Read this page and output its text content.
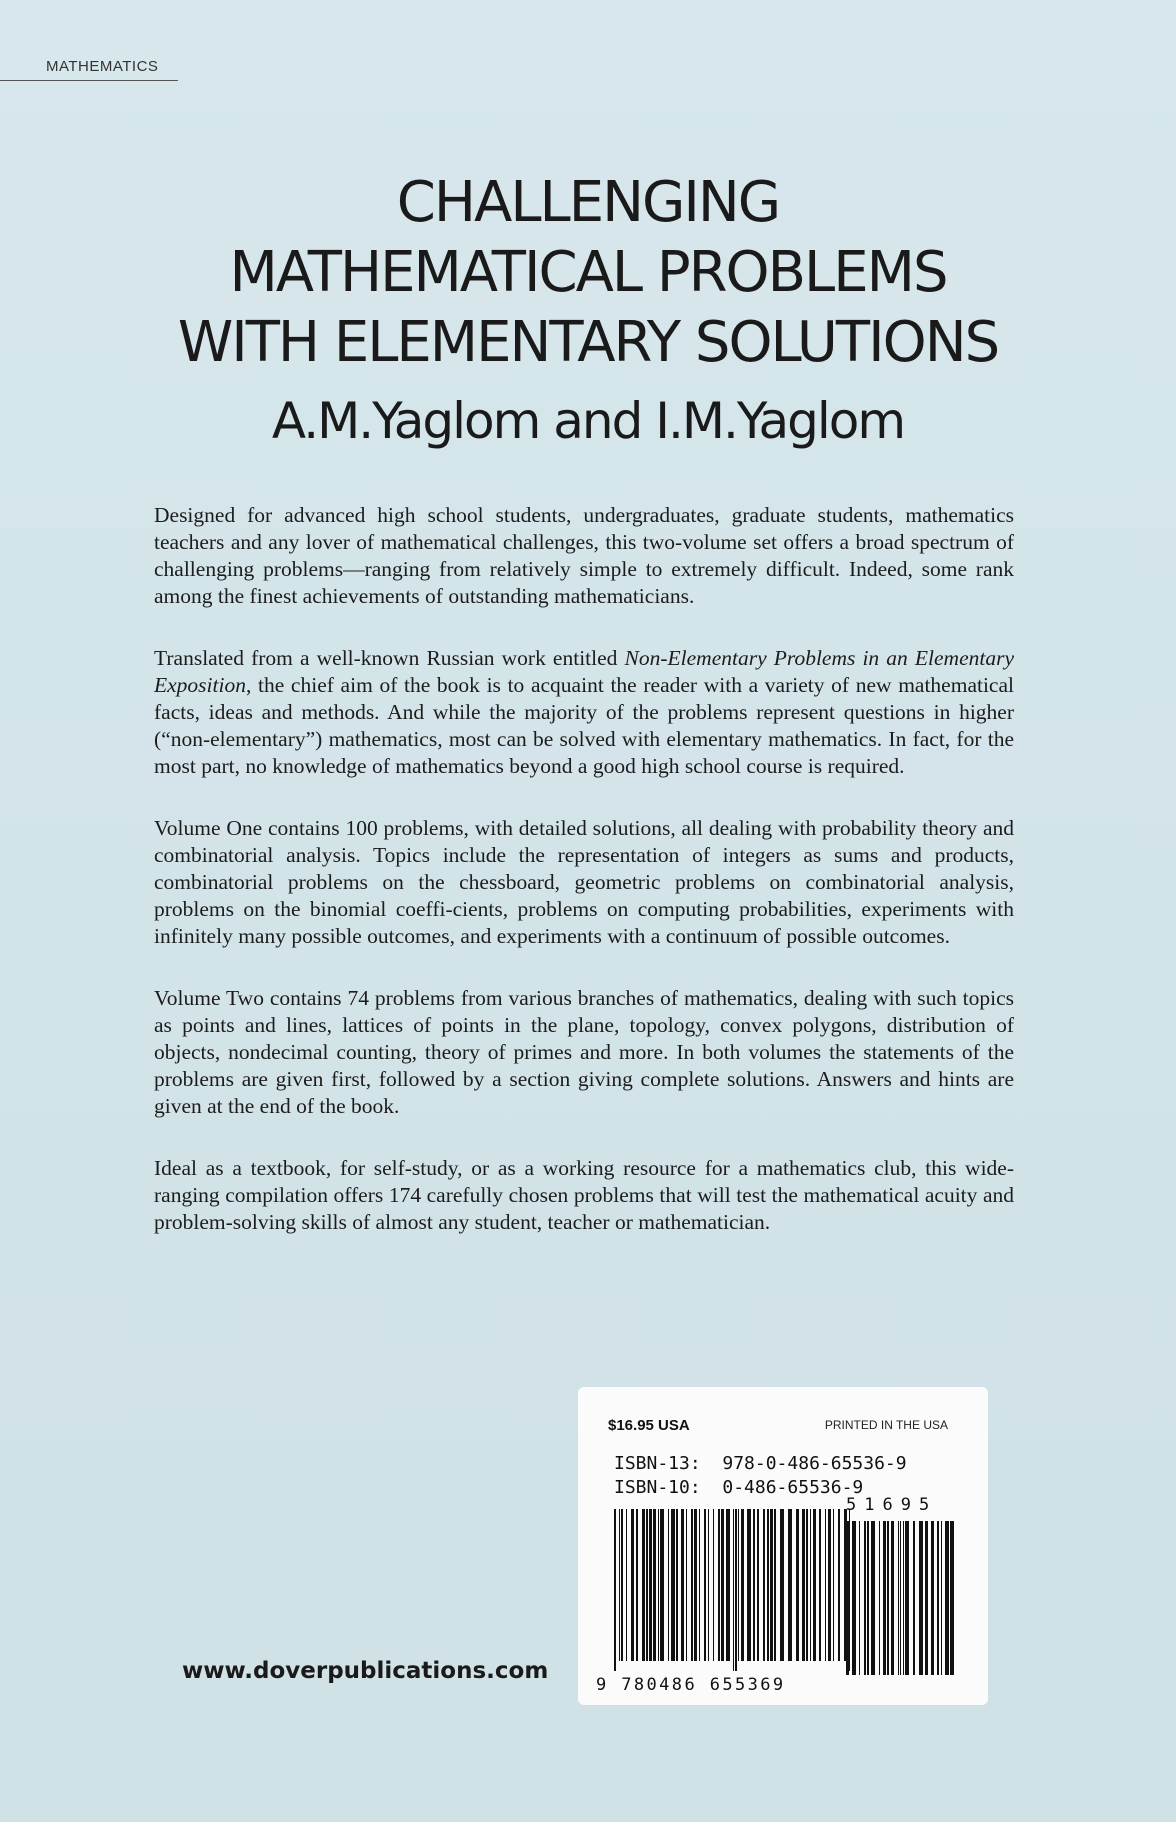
MATHEMATICS
CHALLENGING
MATHEMATICAL PROBLEMS
WITH ELEMENTARY SOLUTIONS
A.M.Yaglom and I.M.Yaglom

Designed for advanced high school students, undergraduates, graduate students, mathematics teachers and any lover of mathematical challenges, this two-volume set offers a broad spectrum of challenging problems—ranging from relatively simple to extremely difficult. Indeed, some rank among the finest achievements of outstanding mathematicians.

Translated from a well-known Russian work entitled Non-Elementary Problems in an Elementary Exposition, the chief aim of the book is to acquaint the reader with a variety of new mathematical facts, ideas and methods. And while the majority of the problems represent questions in higher (“non-elementary”) mathematics, most can be solved with elementary mathematics. In fact, for the most part, no knowledge of mathematics beyond a good high school course is required.

Volume One contains 100 problems, with detailed solutions, all dealing with probability theory and combinatorial analysis. Topics include the representation of integers as sums and products, combinatorial problems on the chessboard, geometric problems on combinatorial analysis, problems on the binomial coeffi-cients, problems on computing probabilities, experiments with infinitely many possible outcomes, and experiments with a continuum of possible outcomes.

Volume Two contains 74 problems from various branches of mathematics, dealing with such topics as points and lines, lattices of points in the plane, topology, convex polygons, distribution of objects, nondecimal counting, theory of primes and more. In both volumes the statements of the problems are given first, followed by a section giving complete solutions. Answers and hints are given at the end of the book.

Ideal as a textbook, for self-study, or as a working resource for a mathematics club, this wide-ranging compilation offers 174 carefully chosen problems that will test the mathematical acuity and problem-solving skills of almost any student, teacher or mathematician.

$16.95 USA	PRINTED IN THE USA
ISBN-13:  978-0-486-65536-9
ISBN-10:  0-486-65536-9
51695
9 780486 655369
www.doverpublications.com
